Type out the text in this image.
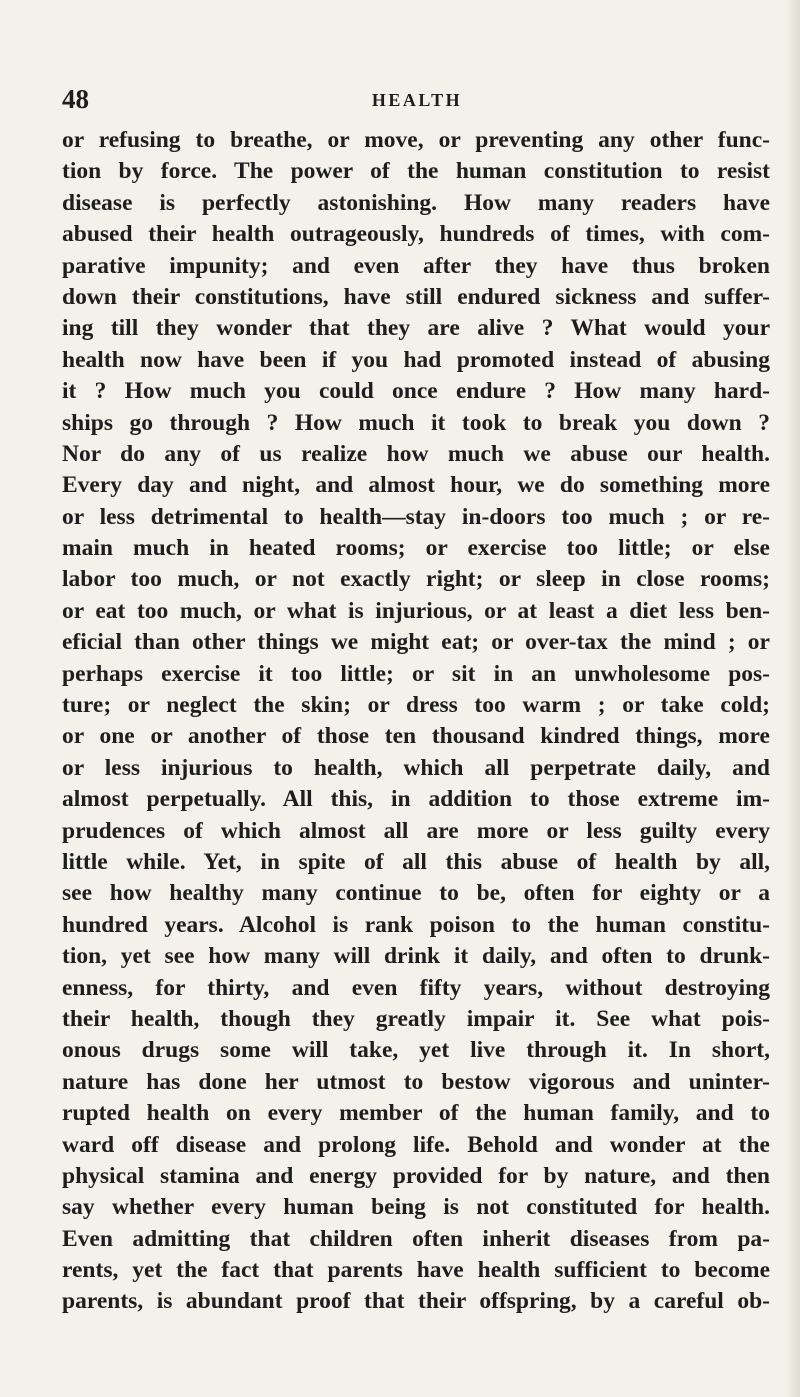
48	HEALTH
or refusing to breathe, or move, or preventing any other func-
tion by force. The power of the human constitution to resist
disease is perfectly astonishing. How many readers have
abused their health outrageously, hundreds of times, with com-
parative impunity; and even after they have thus broken
down their constitutions, have still endured sickness and suffer-
ing till they wonder that they are alive ? What would your
health now have been if you had promoted instead of abusing
it ? How much you could once endure ? How many hard-
ships go through ? How much it took to break you down ?
Nor do any of us realize how much we abuse our health.
Every day and night, and almost hour, we do something more
or less detrimental to health—stay in-doors too much ; or re-
main much in heated rooms; or exercise too little; or else
labor too much, or not exactly right; or sleep in close rooms;
or eat too much, or what is injurious, or at least a diet less ben-
eficial than other things we might eat; or over-tax the mind ; or
perhaps exercise it too little; or sit in an unwholesome pos-
ture; or neglect the skin; or dress too warm ; or take cold;
or one or another of those ten thousand kindred things, more
or less injurious to health, which all perpetrate daily, and
almost perpetually. All this, in addition to those extreme im-
prudences of which almost all are more or less guilty every
little while. Yet, in spite of all this abuse of health by all,
see how healthy many continue to be, often for eighty or a
hundred years. Alcohol is rank poison to the human constitu-
tion, yet see how many will drink it daily, and often to drunk-
enness, for thirty, and even fifty years, without destroying
their health, though they greatly impair it. See what pois-
onous drugs some will take, yet live through it. In short,
nature has done her utmost to bestow vigorous and uninter-
rupted health on every member of the human family, and to
ward off disease and prolong life. Behold and wonder at the
physical stamina and energy provided for by nature, and then
say whether every human being is not constituted for health.
Even admitting that children often inherit diseases from pa-
rents, yet the fact that parents have health sufficient to become
parents, is abundant proof that their offspring, by a careful ob-
